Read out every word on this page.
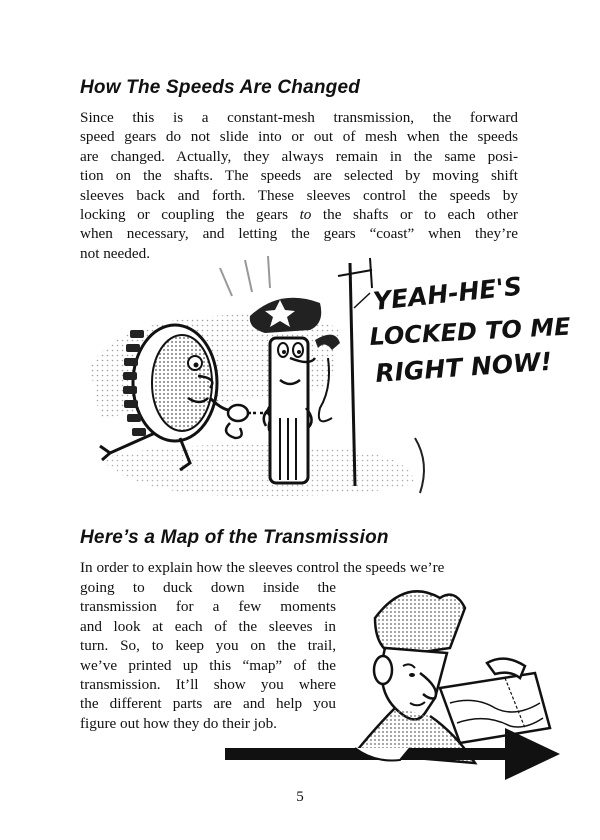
How The Speeds Are Changed
Since this is a constant-mesh transmission, the forward
speed gears do not slide into or out of mesh when the speeds
are changed. Actually, they always remain in the same posi-
tion on the shafts. The speeds are selected by moving shift
sleeves back and forth. These sleeves control the speeds by
locking or coupling the gears to the shafts or to each other
when necessary, and letting the gears “coast” when they’re
not needed.
YEAH-HE'S
LOCKED TO ME
RIGHT NOW!
Here’s a Map of the Transmission
In order to explain how the sleeves control the speeds we’re
going to duck down inside the
transmission for a few moments
and look at each of the sleeves in
turn. So, to keep you on the trail,
we’ve printed up this “map” of the
transmission. It’ll show you where
the different parts are and help you
figure out how they do their job.
5
